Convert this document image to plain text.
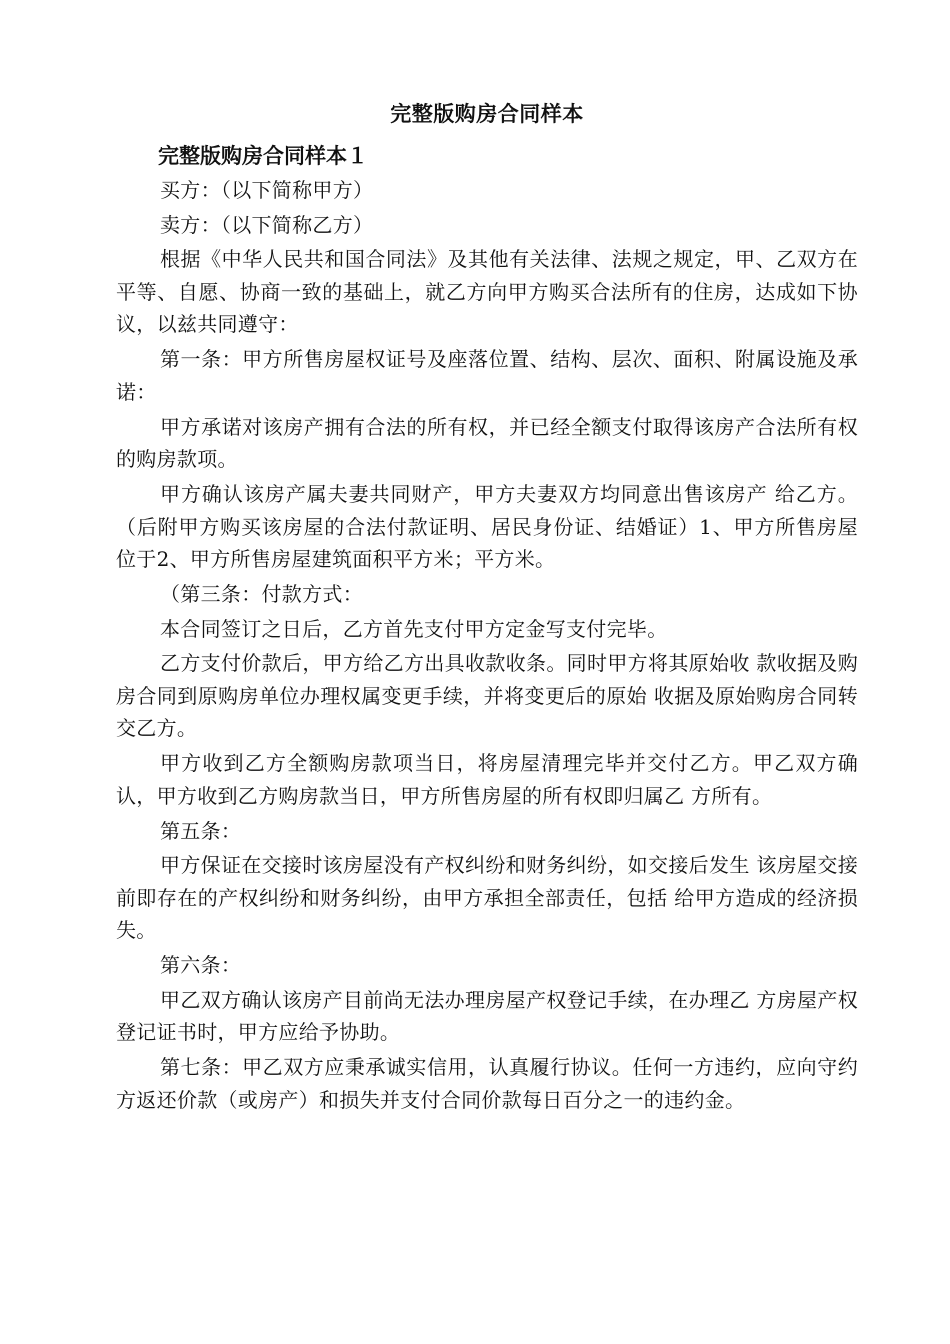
完整版购房合同样本
完整版购房合同样本１

买方：（以下简称甲方）

卖方：（以下简称乙方）

根据《中华人民共和国合同法》及其他有关法律、法规之规定，甲、乙双方在平等、自愿、协商一致的基础上，就乙方向甲方购买合法所有的住房，达成如下协议，以兹共同遵守：

第一条：甲方所售房屋权证号及座落位置、结构、层次、面积、附属设施及承诺：

甲方承诺对该房产拥有合法的所有权，并已经全额支付取得该房产合法所有权的购房款项。

甲方确认该房产属夫妻共同财产，甲方夫妻双方均同意出售该房产 给乙方。（后附甲方购买该房屋的合法付款证明、居民身份证、结婚证）1、甲方所售房屋位于2、甲方所售房屋建筑面积平方米；平方米。

（第三条：付款方式：

本合同签订之日后，乙方首先支付甲方定金写支付完毕。

乙方支付价款后，甲方给乙方出具收款收条。同时甲方将其原始收 款收据及购房合同到原购房单位办理权属变更手续，并将变更后的原始 收据及原始购房合同转交乙方。

甲方收到乙方全额购房款项当日，将房屋清理完毕并交付乙方。甲乙双方确 认，甲方收到乙方购房款当日，甲方所售房屋的所有权即归属乙 方所有。

第五条：

甲方保证在交接时该房屋没有产权纠纷和财务纠纷，如交接后发生 该房屋交接前即存在的产权纠纷和财务纠纷，由甲方承担全部责任，包括 给甲方造成的经济损失。

第六条：

甲乙双方确认该房产目前尚无法办理房屋产权登记手续，在办理乙 方房屋产权登记证书时，甲方应给予协助。

第七条：甲乙双方应秉承诚实信用，认真履行协议。任何一方违约，应向守约方返还价款（或房产）和损失并支付合同价款每日百分之一的违约金。
